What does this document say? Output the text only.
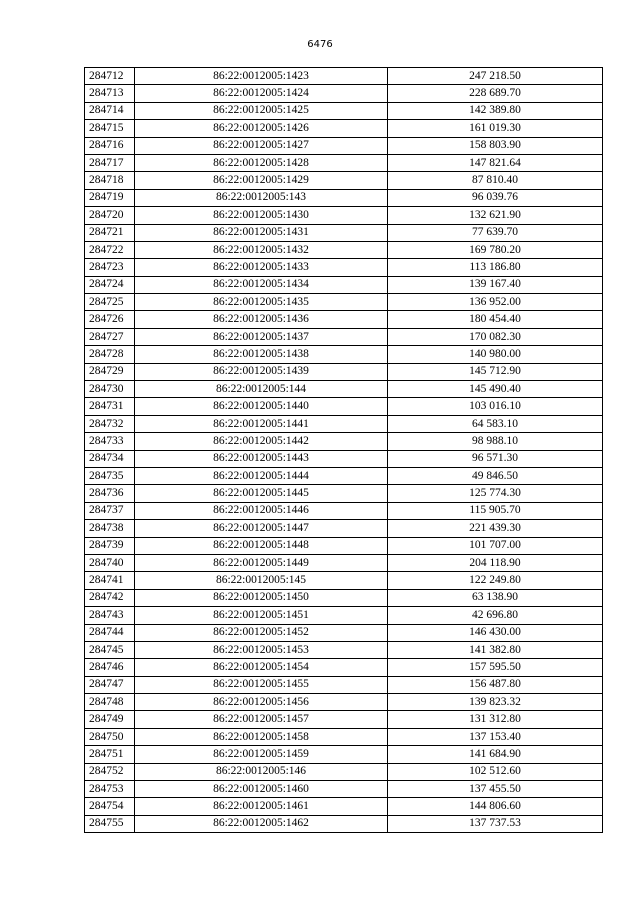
6476
284712	86:22:0012005:1423	247 218.50
284713	86:22:0012005:1424	228 689.70
284714	86:22:0012005:1425	142 389.80
284715	86:22:0012005:1426	161 019.30
284716	86:22:0012005:1427	158 803.90
284717	86:22:0012005:1428	147 821.64
284718	86:22:0012005:1429	87 810.40
284719	86:22:0012005:143	96 039.76
284720	86:22:0012005:1430	132 621.90
284721	86:22:0012005:1431	77 639.70
284722	86:22:0012005:1432	169 780.20
284723	86:22:0012005:1433	113 186.80
284724	86:22:0012005:1434	139 167.40
284725	86:22:0012005:1435	136 952.00
284726	86:22:0012005:1436	180 454.40
284727	86:22:0012005:1437	170 082.30
284728	86:22:0012005:1438	140 980.00
284729	86:22:0012005:1439	145 712.90
284730	86:22:0012005:144	145 490.40
284731	86:22:0012005:1440	103 016.10
284732	86:22:0012005:1441	64 583.10
284733	86:22:0012005:1442	98 988.10
284734	86:22:0012005:1443	96 571.30
284735	86:22:0012005:1444	49 846.50
284736	86:22:0012005:1445	125 774.30
284737	86:22:0012005:1446	115 905.70
284738	86:22:0012005:1447	221 439.30
284739	86:22:0012005:1448	101 707.00
284740	86:22:0012005:1449	204 118.90
284741	86:22:0012005:145	122 249.80
284742	86:22:0012005:1450	63 138.90
284743	86:22:0012005:1451	42 696.80
284744	86:22:0012005:1452	146 430.00
284745	86:22:0012005:1453	141 382.80
284746	86:22:0012005:1454	157 595.50
284747	86:22:0012005:1455	156 487.80
284748	86:22:0012005:1456	139 823.32
284749	86:22:0012005:1457	131 312.80
284750	86:22:0012005:1458	137 153.40
284751	86:22:0012005:1459	141 684.90
284752	86:22:0012005:146	102 512.60
284753	86:22:0012005:1460	137 455.50
284754	86:22:0012005:1461	144 806.60
284755	86:22:0012005:1462	137 737.53
